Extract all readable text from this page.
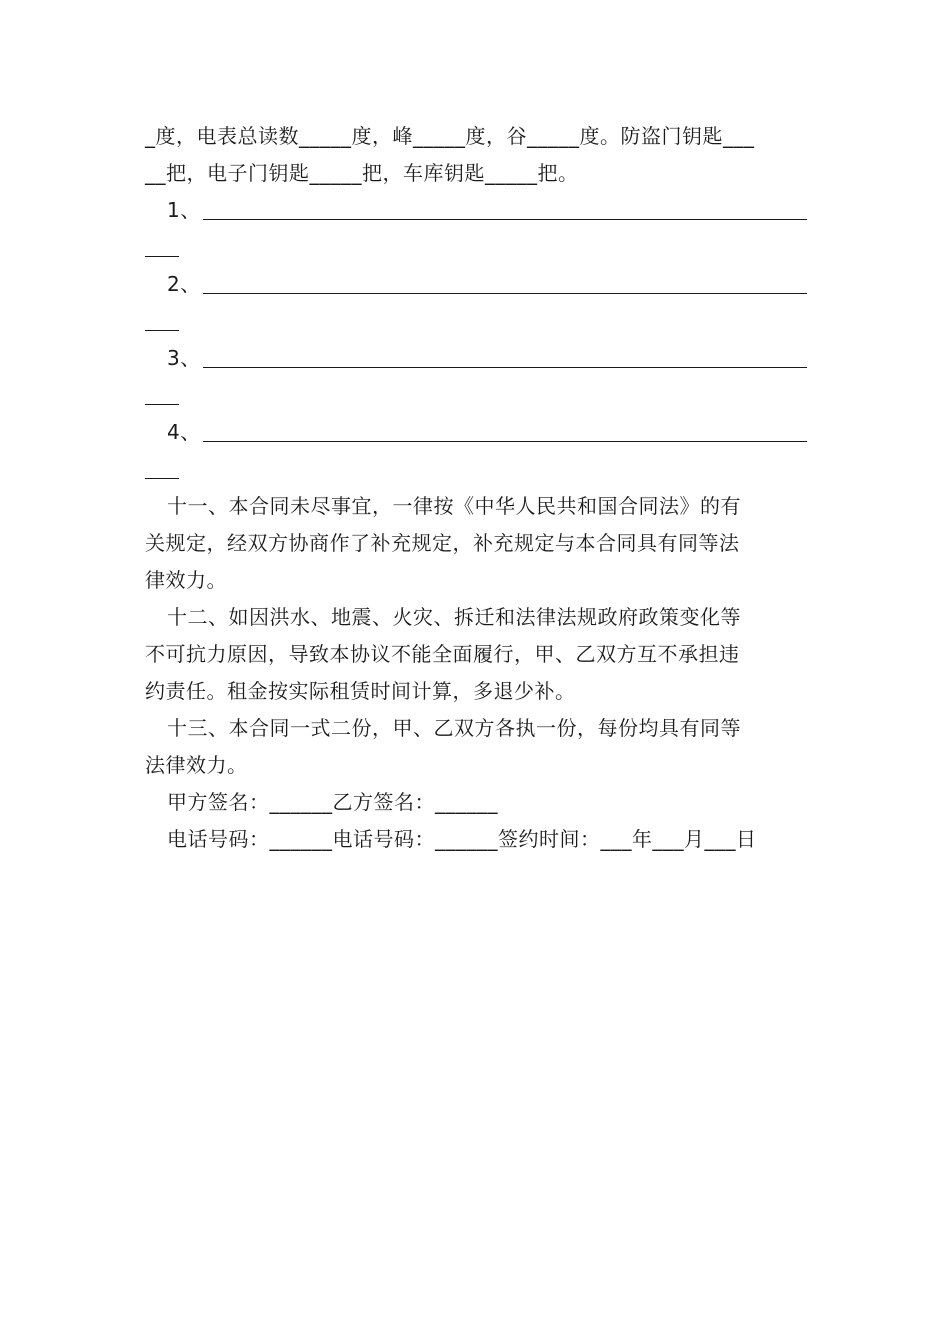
_度，电表总读数_____度，峰_____度，谷_____度。防盗门钥匙___
__把，电子门钥匙_____把，车库钥匙_____把。
1、
2、
3、
4、
十一、本合同未尽事宜，一律按《中华人民共和国合同法》的有
关规定，经双方协商作了补充规定，补充规定与本合同具有同等法
律效力。
十二、如因洪水、地震、火灾、拆迁和法律法规政府政策变化等
不可抗力原因，导致本协议不能全面履行，甲、乙双方互不承担违
约责任。租金按实际租赁时间计算，多退少补。
十三、本合同一式二份，甲、乙双方各执一份，每份均具有同等
法律效力。
甲方签名：______乙方签名：______
电话号码：______电话号码：______签约时间：___年___月___日
